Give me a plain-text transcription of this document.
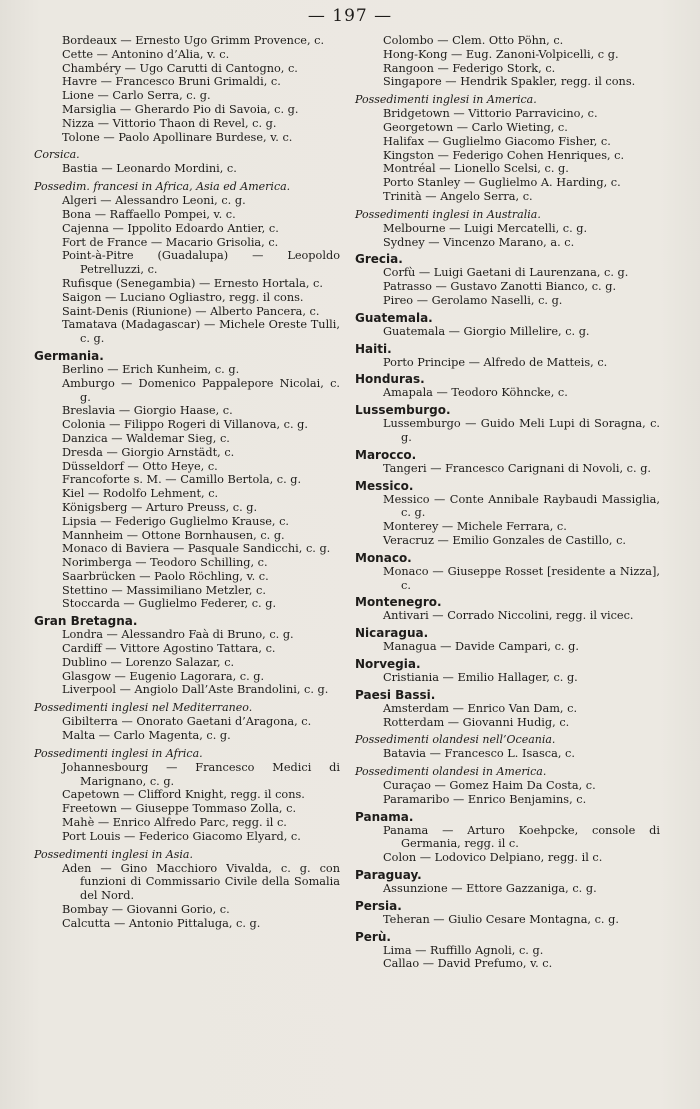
— 197 —
Bordeaux — Ernesto Ugo Grimm Provence, c.
Cette — Antonino d’Alia, v. c.
Chambéry — Ugo Carutti di Cantogno, c.
Havre — Francesco Bruni Grimaldi, c.
Lione — Carlo Serra, c. g.
Marsiglia — Gherardo Pio di Savoia, c. g.
Nizza — Vittorio Thaon di Revel, c. g.
Tolone — Paolo Apollinare Burdese, v. c.
Corsica.
Bastia — Leonardo Mordini, c.
Possedim. francesi in Africa, Asia ed America.
Algeri — Alessandro Leoni, c. g.
Bona — Raffaello Pompei, v. c.
Cajenna — Ippolito Edoardo Antier, c.
Fort de France — Macario Grisolia, c.
Point-à-Pitre (Guadalupa) — Leopoldo Petrelluzzi, c.
Rufisque (Senegambia) — Ernesto Hortala, c.
Saigon — Luciano Ogliastro, regg. il cons.
Saint-Denis (Riunione) — Alberto Pancera, c.
Tamatava (Madagascar) — Michele Oreste Tulli, c. g.
Germania.
Berlino — Erich Kunheim, c. g.
Amburgo — Domenico Pappalepore Nicolai, c. g.
Breslavia — Giorgio Haase, c.
Colonia — Filippo Rogeri di Villanova, c. g.
Danzica — Waldemar Sieg, c.
Dresda — Giorgio Arnstädt, c.
Düsseldorf — Otto Heye, c.
Francoforte s. M. — Camillo Bertola, c. g.
Kiel — Rodolfo Lehment, c.
Königsberg — Arturo Preuss, c. g.
Lipsia — Federigo Guglielmo Krause, c.
Mannheim — Ottone Bornhausen, c. g.
Monaco di Baviera — Pasquale Sandicchi, c. g.
Norimberga — Teodoro Schilling, c.
Saarbrücken — Paolo Röchling, v. c.
Stettino — Massimiliano Metzler, c.
Stoccarda — Guglielmo Federer, c. g.
Gran Bretagna.
Londra — Alessandro Faà di Bruno, c. g.
Cardiff — Vittore Agostino Tattara, c.
Dublino — Lorenzo Salazar, c.
Glasgow — Eugenio Lagorara, c. g.
Liverpool — Angiolo Dall’Aste Brandolini, c. g.
Possedimenti inglesi nel Mediterraneo.
Gibilterra — Onorato Gaetani d’Aragona, c.
Malta — Carlo Magenta, c. g.
Possedimenti inglesi in Africa.
Johannesbourg — Francesco Medici di Marignano, c. g.
Capetown — Clifford Knight, regg. il cons.
Freetown — Giuseppe Tommaso Zolla, c.
Mahè — Enrico Alfredo Parc, regg. il c.
Port Louis — Federico Giacomo Elyard, c.
Possedimenti inglesi in Asia.
Aden — Gino Macchioro Vivalda, c. g. con funzioni di Commissario Civile della Somalia del Nord.
Bombay — Giovanni Gorio, c.
Calcutta — Antonio Pittaluga, c. g.
Colombo — Clem. Otto Pöhn, c.
Hong-Kong — Eug. Zanoni-Volpicelli, c g.
Rangoon — Federigo Stork, c.
Singapore — Hendrik Spakler, regg. il cons.
Possedimenti inglesi in America.
Bridgetown — Vittorio Parravicino, c.
Georgetown — Carlo Wieting, c.
Halifax — Guglielmo Giacomo Fisher, c.
Kingston — Federigo Cohen Henriques, c.
Montréal — Lionello Scelsi, c. g.
Porto Stanley — Guglielmo A. Harding, c.
Trinità — Angelo Serra, c.
Possedimenti inglesi in Australia.
Melbourne — Luigi Mercatelli, c. g.
Sydney — Vincenzo Marano, a. c.
Grecia.
Corfù — Luigi Gaetani di Laurenzana, c. g.
Patrasso — Gustavo Zanotti Bianco, c. g.
Pireo — Gerolamo Naselli, c. g.
Guatemala.
Guatemala — Giorgio Millelire, c. g.
Haiti.
Porto Principe — Alfredo de Matteis, c.
Honduras.
Amapala — Teodoro Köhncke, c.
Lussemburgo.
Lussemburgo — Guido Meli Lupi di Soragna, c. g.
Marocco.
Tangeri — Francesco Carignani di Novoli, c. g.
Messico.
Messico — Conte Annibale Raybaudi Massiglia, c. g.
Monterey — Michele Ferrara, c.
Veracruz — Emilio Gonzales de Castillo, c.
Monaco.
Monaco — Giuseppe Rosset [residente a Nizza], c.
Montenegro.
Antivari — Corrado Niccolini, regg. il vicec.
Nicaragua.
Managua — Davide Campari, c. g.
Norvegia.
Cristiania — Emilio Hallager, c. g.
Paesi Bassi.
Amsterdam — Enrico Van Dam, c.
Rotterdam — Giovanni Hudig, c.
Possedimenti olandesi nell’Oceania.
Batavia — Francesco L. Isasca, c.
Possedimenti olandesi in America.
Curaçao — Gomez Haim Da Costa, c.
Paramaribo — Enrico Benjamins, c.
Panama.
Panama — Arturo Koehpcke, console di Germania, regg. il c.
Colon — Lodovico Delpiano, regg. il c.
Paraguay.
Assunzione — Ettore Gazzaniga, c. g.
Persia.
Teheran — Giulio Cesare Montagna, c. g.
Perù.
Lima — Ruffillo Agnoli, c. g.
Callao — David Prefumo, v. c.
